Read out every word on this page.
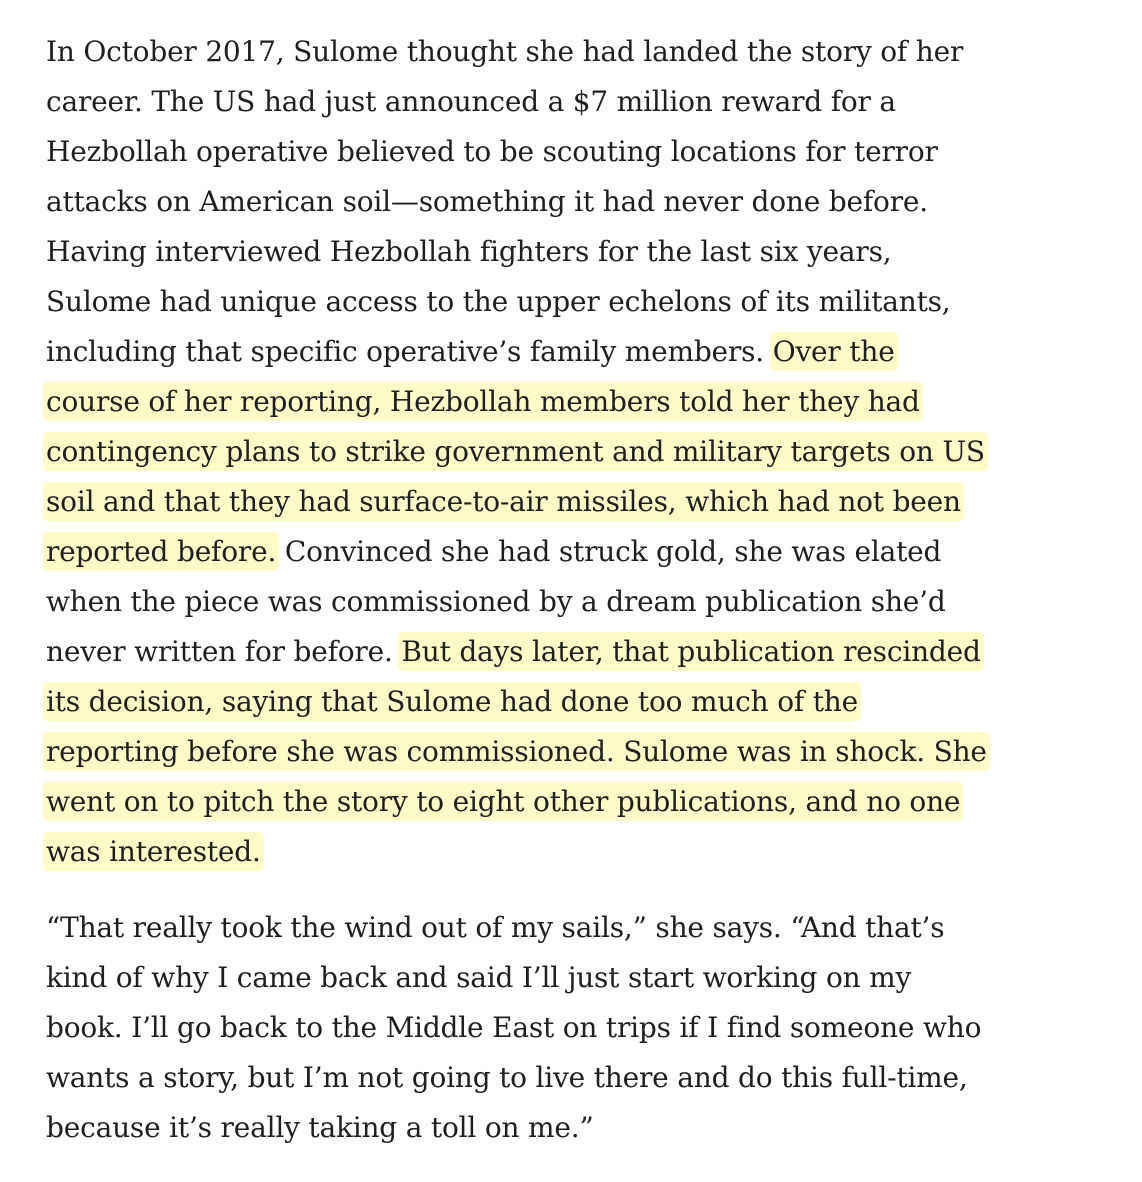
In October 2017, Sulome thought she had landed the story of her
career. The US had just announced a $7 million reward for a
Hezbollah operative believed to be scouting locations for terror
attacks on American soil—something it had never done before.
Having interviewed Hezbollah fighters for the last six years,
Sulome had unique access to the upper echelons of its militants,
including that specific operative’s family members. Over the
course of her reporting, Hezbollah members told her they had
contingency plans to strike government and military targets on US
soil and that they had surface-to-air missiles, which had not been
reported before. Convinced she had struck gold, she was elated
when the piece was commissioned by a dream publication she’d
never written for before. But days later, that publication rescinded
its decision, saying that Sulome had done too much of the
reporting before she was commissioned. Sulome was in shock. She
went on to pitch the story to eight other publications, and no one
was interested.

“That really took the wind out of my sails,” she says. “And that’s
kind of why I came back and said I’ll just start working on my
book. I’ll go back to the Middle East on trips if I find someone who
wants a story, but I’m not going to live there and do this full-time,
because it’s really taking a toll on me.”
